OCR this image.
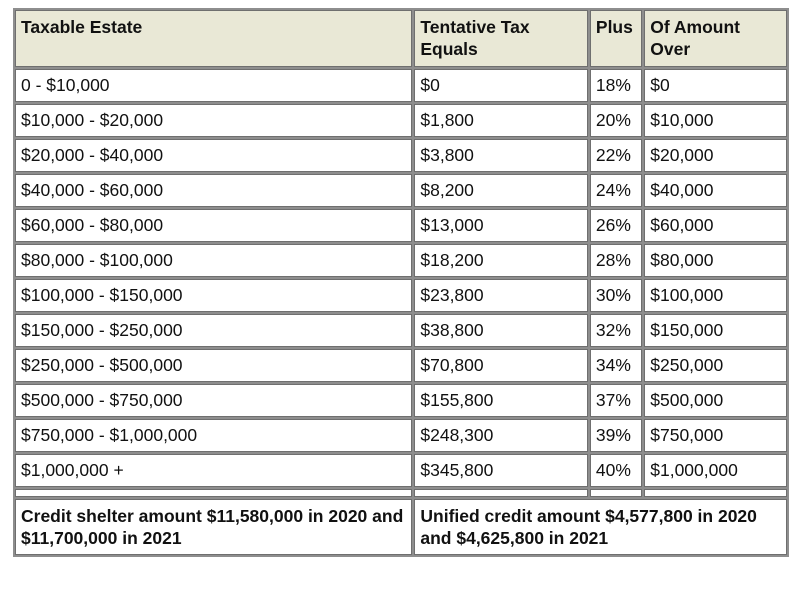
Taxable Estate	Tentative Tax Equals	Plus	Of Amount Over
0 - $10,000	$0	18%	$0
$10,000 - $20,000	$1,800	20%	$10,000
$20,000 - $40,000	$3,800	22%	$20,000
$40,000 - $60,000	$8,200	24%	$40,000
$60,000 - $80,000	$13,000	26%	$60,000
$80,000 - $100,000	$18,200	28%	$80,000
$100,000 - $150,000	$23,800	30%	$100,000
$150,000 - $250,000	$38,800	32%	$150,000
$250,000 - $500,000	$70,800	34%	$250,000
$500,000 - $750,000	$155,800	37%	$500,000
$750,000 - $1,000,000	$248,300	39%	$750,000
$1,000,000 +	$345,800	40%	$1,000,000

Credit shelter amount $11,580,000 in 2020 and $11,700,000 in 2021	Unified credit amount $4,577,800 in 2020 and $4,625,800 in 2021		
